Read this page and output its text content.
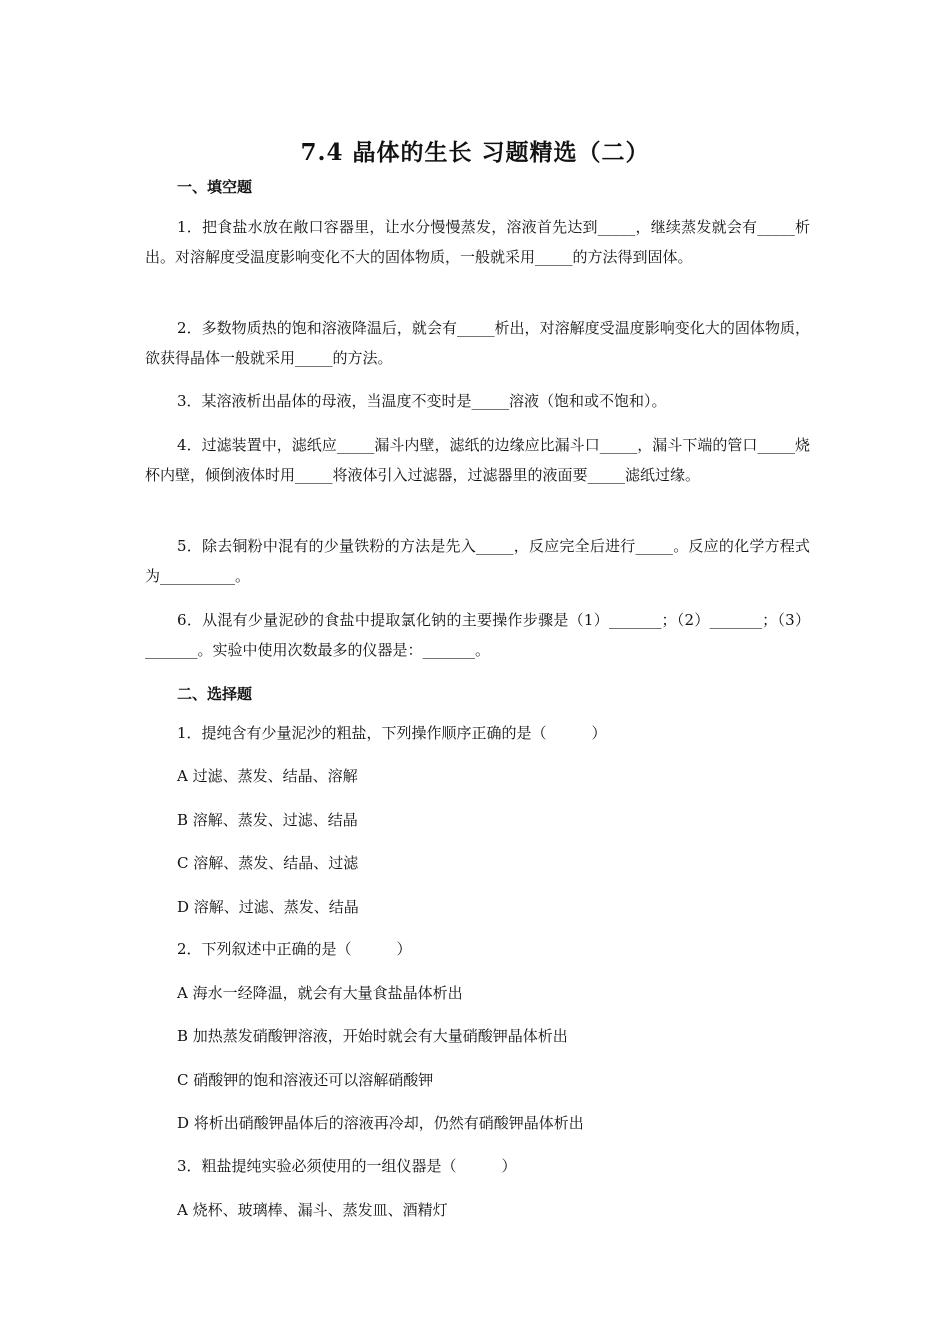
7.4 晶体的生长 习题精选（二）
一、填空题
1．把食盐水放在敞口容器里，让水分慢慢蒸发，溶液首先达到_____，继续蒸发就会有_____析出。对溶解度受温度影响变化不大的固体物质，一般就采用_____的方法得到固体。
2．多数物质热的饱和溶液降温后，就会有_____析出，对溶解度受温度影响变化大的固体物质，欲获得晶体一般就采用_____的方法。
3．某溶液析出晶体的母液，当温度不变时是_____溶液（饱和或不饱和）。
4．过滤装置中，滤纸应_____漏斗内壁，滤纸的边缘应比漏斗口_____，漏斗下端的管口_____烧杯内壁，倾倒液体时用_____将液体引入过滤器，过滤器里的液面要_____滤纸过缘。
5．除去铜粉中混有的少量铁粉的方法是先入_____，反应完全后进行_____。反应的化学方程式为__________。
6．从混有少量泥砂的食盐中提取氯化钠的主要操作步骤是（1）_______；（2）_______；（3）_______。实验中使用次数最多的仪器是：_______。
二、选择题
1．提纯含有少量泥沙的粗盐，下列操作顺序正确的是（　　　）
A 过滤、蒸发、结晶、溶解
B 溶解、蒸发、过滤、结晶
C 溶解、蒸发、结晶、过滤
D 溶解、过滤、蒸发、结晶
2．下列叙述中正确的是（　　　）
A 海水一经降温，就会有大量食盐晶体析出
B 加热蒸发硝酸钾溶液，开始时就会有大量硝酸钾晶体析出
C 硝酸钾的饱和溶液还可以溶解硝酸钾
D 将析出硝酸钾晶体后的溶液再冷却，仍然有硝酸钾晶体析出
3．粗盐提纯实验必须使用的一组仪器是（　　　）
A 烧杯、玻璃棒、漏斗、蒸发皿、酒精灯
